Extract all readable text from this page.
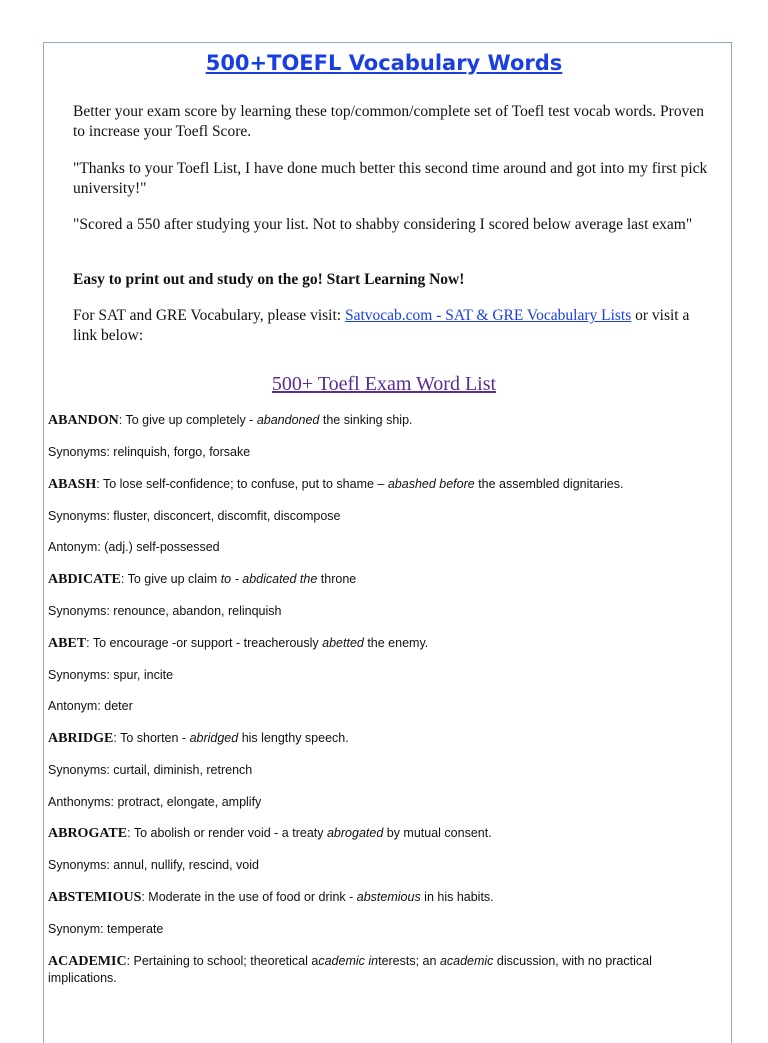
500+TOEFL Vocabulary Words

Better your exam score by learning these top/common/complete set of Toefl test vocab words. Proven to increase your Toefl Score.

"Thanks to your Toefl List, I have done much better this second time around and got into my first pick university!"

"Scored a 550 after studying your list. Not to shabby considering I scored below average last exam"

Easy to print out and study on the go! Start Learning Now!

For SAT and GRE Vocabulary, please visit: Satvocab.com - SAT & GRE Vocabulary Lists or visit a link below:

500+ Toefl Exam Word List

ABANDON: To give up completely - abandoned the sinking ship.

Synonyms: relinquish, forgo, forsake

ABASH: To lose self-confidence; to confuse, put to shame – abashed before the assembled dignitaries.

Synonyms: fluster, disconcert, discomfit, discompose

Antonym: (adj.) self-possessed

ABDICATE: To give up claim to - abdicated the throne

Synonyms: renounce, abandon, relinquish

ABET: To encourage -or support - treacherously abetted the enemy.

Synonyms: spur, incite

Antonym: deter

ABRIDGE: To shorten - abridged his lengthy speech.

Synonyms: curtail, diminish, retrench

Anthonyms: protract, elongate, amplify

ABROGATE: To abolish or render void - a treaty abrogated by mutual consent.

Synonyms: annul, nullify, rescind, void

ABSTEMIOUS: Moderate in the use of food or drink - abstemious in his habits.

Synonym: temperate

ACADEMIC: Pertaining to school; theoretical academic interests; an academic discussion, with no practical implications.
